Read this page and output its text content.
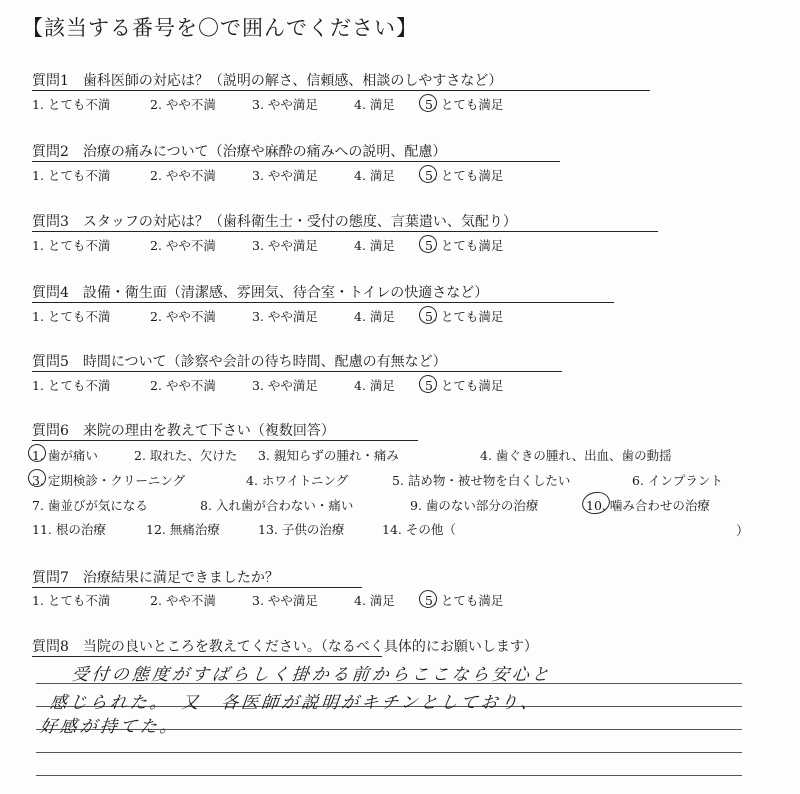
【該当する番号を〇で囲んでください】
質問1　 歯科医師の対応は？（説明の解さ、信頼感、相談のしやすさなど）
1. とても不満	2. やや不満	3. やや満足	4. 満足 5. とても満足
質問2　 治療の痛みについて（治療や麻酔の痛みへの説明、配慮）
1. とても不満	2. やや不満	3. やや満足	4. 満足 5. とても満足
質問3　 スタッフの対応は？（歯科衛生士・受付の態度、言葉遣い、気配り）
1. とても不満	2. やや不満	3. やや満足	4. 満足 5. とても満足
質問4　 設備・衛生面（清潔感、雰囲気、待合室・トイレの快適さなど）
1. とても不満	2. やや不満	3. やや満足	4. 満足 5. とても満足
質問5　 時間について（診察や会計の待ち時間、配慮の有無など）
1. とても不満	2. やや不満	3. やや満足	4. 満足 5. とても満足
質問6　 来院の理由を教えて下さい（複数回答）
1. 歯が痛い	2. 取れた、欠けた 3. 親知らずの腫れ・痛み	4. 歯ぐきの腫れ、出血、歯の動揺
3. 定期検診・クリーニング	4. ホワイトニング	5. 詰め物・被せ物を白くしたい	6. インプラント
7. 歯並びが気になる	8. 入れ歯が合わない・痛い	9. 歯のない部分の治療	10. 噛み合わせの治療
11. 根の治療	12. 無痛治療	13. 子供の治療	14. その他（	）
質問7　 治療結果に満足できましたか？
1. とても不満	2. やや不満	3. やや満足	4. 満足 5. とても満足
質問8　 当院の良いところを教えてください。（なるべく具体的にお願いします）
受付の態度がすばらしく掛かる前からここなら安心と
感じられた。　又　各医師が説明がキチンとしており、
好感が持てた。
